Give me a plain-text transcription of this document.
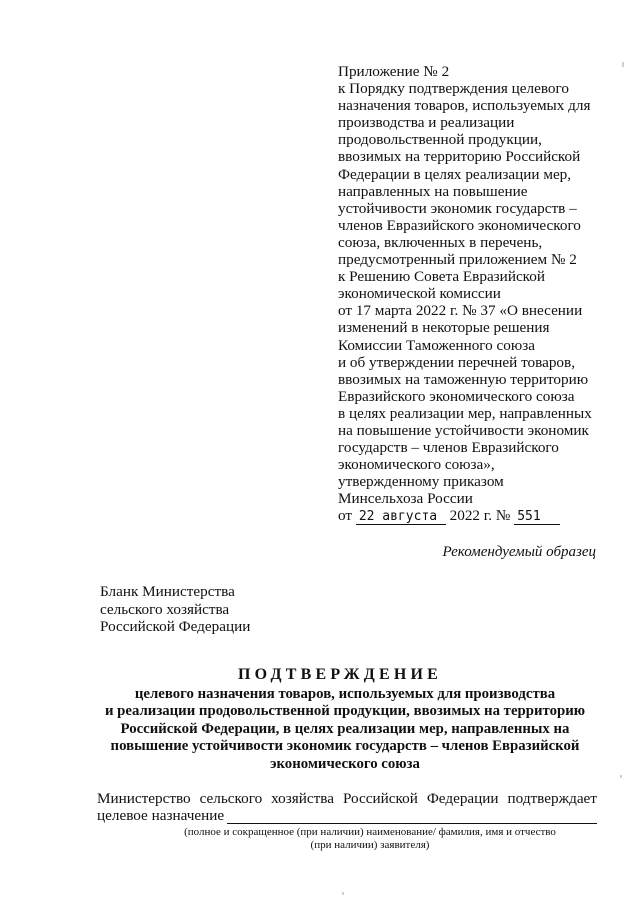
Приложение № 2
к Порядку подтверждения целевого
назначения товаров, используемых для
производства и реализации
продовольственной продукции,
ввозимых на территорию Российской
Федерации в целях реализации мер,
направленных на повышение
устойчивости экономик государств –
членов Евразийского экономического
союза, включенных в перечень,
предусмотренный приложением № 2
к Решению Совета Евразийской
экономической комиссии
от 17 марта 2022 г. № 37 «О внесении
изменений в некоторые решения
Комиссии Таможенного союза
и об утверждении перечней товаров,
ввозимых на таможенную территорию
Евразийского экономического союза
в целях реализации мер, направленных
на повышение устойчивости экономик
государств – членов Евразийского
экономического союза»,
утвержденному приказом
Минсельхоза России
от 22 августа 2022 г. № 551
Рекомендуемый образец
Бланк Министерства
сельского хозяйства
Российской Федерации
ПОДТВЕРЖДЕНИЕ
целевого назначения товаров, используемых для производства
и реализации продовольственной продукции, ввозимых на территорию
Российской Федерации, в целях реализации мер, направленных на
повышение устойчивости экономик государств – членов Евразийской
экономического союза
Министерство сельского хозяйства Российской Федерации подтверждает
целевое назначение
(полное и сокращенное (при наличии) наименование/ фамилия, имя и отчество
(при наличии) заявителя)
